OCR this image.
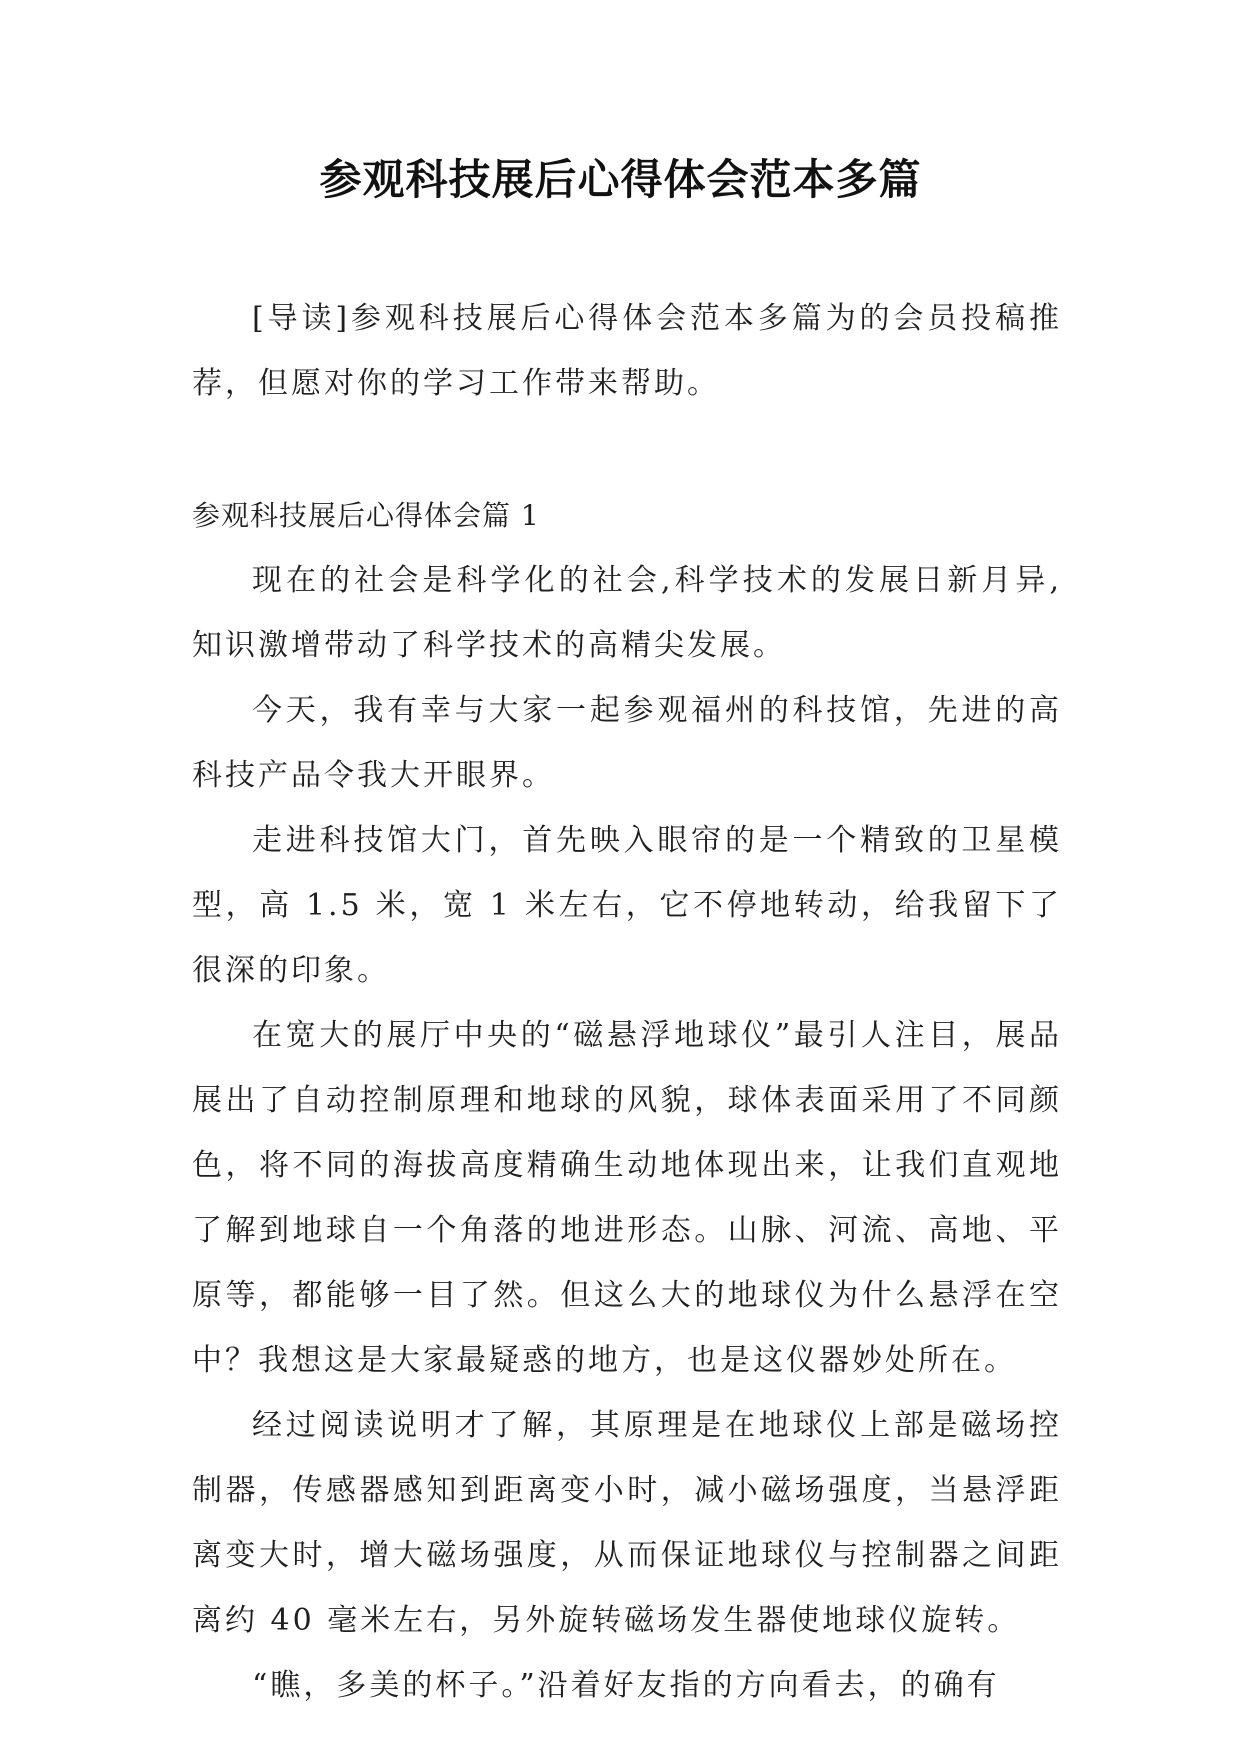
参观科技展后心得体会范本多篇

[导读]参观科技展后心得体会范本多篇为的会员投稿推荐，但愿对你的学习工作带来帮助。

参观科技展后心得体会篇 1

现在的社会是科学化的社会,科学技术的发展日新月异,知识激增带动了科学技术的高精尖发展。

今天，我有幸与大家一起参观福州的科技馆，先进的高科技产品令我大开眼界。

走进科技馆大门，首先映入眼帘的是一个精致的卫星模型，高 1.5 米，宽 1 米左右，它不停地转动，给我留下了很深的印象。

在宽大的展厅中央的“磁悬浮地球仪”最引人注目，展品展出了自动控制原理和地球的风貌，球体表面采用了不同颜色，将不同的海拔高度精确生动地体现出来，让我们直观地了解到地球自一个角落的地进形态。山脉、河流、高地、平原等，都能够一目了然。但这么大的地球仪为什么悬浮在空中？我想这是大家最疑惑的地方，也是这仪器妙处所在。

经过阅读说明才了解，其原理是在地球仪上部是磁场控制器，传感器感知到距离变小时，减小磁场强度，当悬浮距离变大时，增大磁场强度，从而保证地球仪与控制器之间距离约 40 毫米左右，另外旋转磁场发生器使地球仪旋转。

“瞧，多美的杯子。”沿着好友指的方向看去，的确有
